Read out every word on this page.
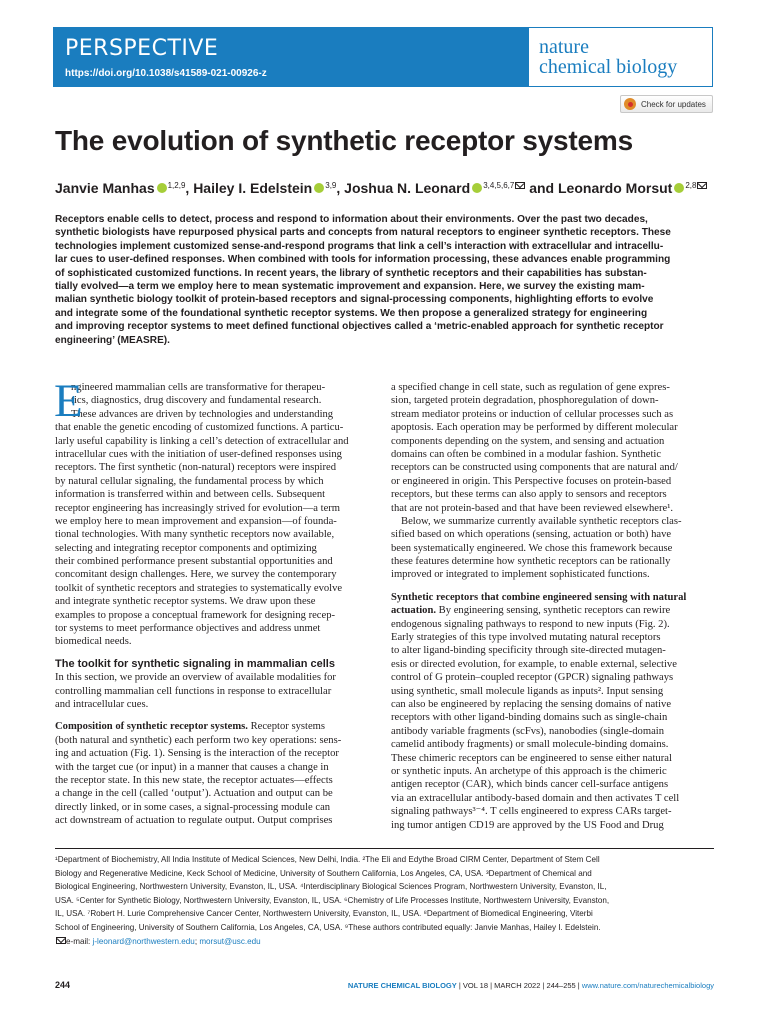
PERSPECTIVE
https://doi.org/10.1038/s41589-021-00926-z
nature
chemical biology
Check for updates
The evolution of synthetic receptor systems
Janvie Manhas $^{1,2,9}$, Hailey I. Edelstein $^{3,9}$, Joshua N. Leonard $^{3,4,5,6,7}$ and Leonardo Morsut $^{2,8}$
Receptors enable cells to detect, process and respond to information about their environments. Over the past two decades,
synthetic biologists have repurposed physical parts and concepts from natural receptors to engineer synthetic receptors. These
technologies implement customized sense-and-respond programs that link a cell’s interaction with extracellular and intracellu-
lar cues to user-defined responses. When combined with tools for information processing, these advances enable programming
of sophisticated customized functions. In recent years, the library of synthetic receptors and their capabilities has substan-
tially evolved—a term we employ here to mean systematic improvement and expansion. Here, we survey the existing mam-
malian synthetic biology toolkit of protein-based receptors and signal-processing components, highlighting efforts to evolve
and integrate some of the foundational synthetic receptor systems. We then propose a generalized strategy for engineering
and improving receptor systems to meet defined functional objectives called a ‘metric-enabled approach for synthetic receptor
engineering’ (MEASRE).
E
ngineered mammalian cells are transformative for therapeu-
tics, diagnostics, drug discovery and fundamental research.
These advances are driven by technologies and understanding
that enable the genetic encoding of customized functions. A particu-
larly useful capability is linking a cell’s detection of extracellular and
intracellular cues with the initiation of user-defined responses using
receptors. The first synthetic (non-natural) receptors were inspired
by natural cellular signaling, the fundamental process by which
information is transferred within and between cells. Subsequent
receptor engineering has increasingly strived for evolution—a term
we employ here to mean improvement and expansion—of founda-
tional technologies. With many synthetic receptors now available,
selecting and integrating receptor components and optimizing
their combined performance present substantial opportunities and
concomitant design challenges. Here, we survey the contemporary
toolkit of synthetic receptors and strategies to systematically evolve
and integrate synthetic receptor systems. We draw upon these
examples to propose a conceptual framework for designing recep-
tor systems to meet performance objectives and address unmet
biomedical needs.
The toolkit for synthetic signaling in mammalian cells
In this section, we provide an overview of available modalities for
controlling mammalian cell functions in response to extracellular
and intracellular cues.
Composition of synthetic receptor systems. Receptor systems
(both natural and synthetic) each perform two key operations: sens-
ing and actuation (Fig. 1). Sensing is the interaction of the receptor
with the target cue (or input) in a manner that causes a change in
the receptor state. In this new state, the receptor actuates—effects
a change in the cell (called ‘output’). Actuation and output can be
directly linked, or in some cases, a signal-processing module can
act downstream of actuation to regulate output. Output comprises
a specified change in cell state, such as regulation of gene expres-
sion, targeted protein degradation, phosphoregulation of down-
stream mediator proteins or induction of cellular processes such as
apoptosis. Each operation may be performed by different molecular
components depending on the system, and sensing and actuation
domains can often be combined in a modular fashion. Synthetic
receptors can be constructed using components that are natural and/
or engineered in origin. This Perspective focuses on protein-based
receptors, but these terms can also apply to sensors and receptors
that are not protein-based and that have been reviewed elsewhere¹.
Below, we summarize currently available synthetic receptors clas-
sified based on which operations (sensing, actuation or both) have
been systematically engineered. We chose this framework because
these features determine how synthetic receptors can be rationally
improved or integrated to implement sophisticated functions.
Synthetic receptors that combine engineered sensing with natural
actuation. By engineering sensing, synthetic receptors can rewire
endogenous signaling pathways to respond to new inputs (Fig. 2).
Early strategies of this type involved mutating natural receptors
to alter ligand-binding specificity through site-directed mutagen-
esis or directed evolution, for example, to enable external, selective
control of G protein–coupled receptor (GPCR) signaling pathways
using synthetic, small molecule ligands as inputs². Input sensing
can also be engineered by replacing the sensing domains of native
receptors with other ligand-binding domains such as single-chain
antibody variable fragments (scFvs), nanobodies (single-domain
camelid antibody fragments) or small molecule-binding domains.
These chimeric receptors can be engineered to sense either natural
or synthetic inputs. An archetype of this approach is the chimeric
antigen receptor (CAR), which binds cancer cell-surface antigens
via an extracellular antibody-based domain and then activates T cell
signaling pathways³⁻⁴. T cells engineered to express CARs target-
ing tumor antigen CD19 are approved by the US Food and Drug
¹Department of Biochemistry, All India Institute of Medical Sciences, New Delhi, India. ²The Eli and Edythe Broad CIRM Center, Department of Stem Cell
Biology and Regenerative Medicine, Keck School of Medicine, University of Southern California, Los Angeles, CA, USA. ³Department of Chemical and
Biological Engineering, Northwestern University, Evanston, IL, USA. ⁴Interdisciplinary Biological Sciences Program, Northwestern University, Evanston, IL,
USA. ⁵Center for Synthetic Biology, Northwestern University, Evanston, IL, USA. ⁶Chemistry of Life Processes Institute, Northwestern University, Evanston,
IL, USA. ⁷Robert H. Lurie Comprehensive Cancer Center, Northwestern University, Evanston, IL, USA. ⁸Department of Biomedical Engineering, Viterbi
School of Engineering, University of Southern California, Los Angeles, CA, USA. ⁹These authors contributed equally: Janvie Manhas, Hailey I. Edelstein.
e-mail: j-leonard@northwestern.edu; morsut@usc.edu
244	NATURE CHEMICAL BIOLOGY | VOL 18 | MARCH 2022 | 244–255 | www.nature.com/naturechemicalbiology
